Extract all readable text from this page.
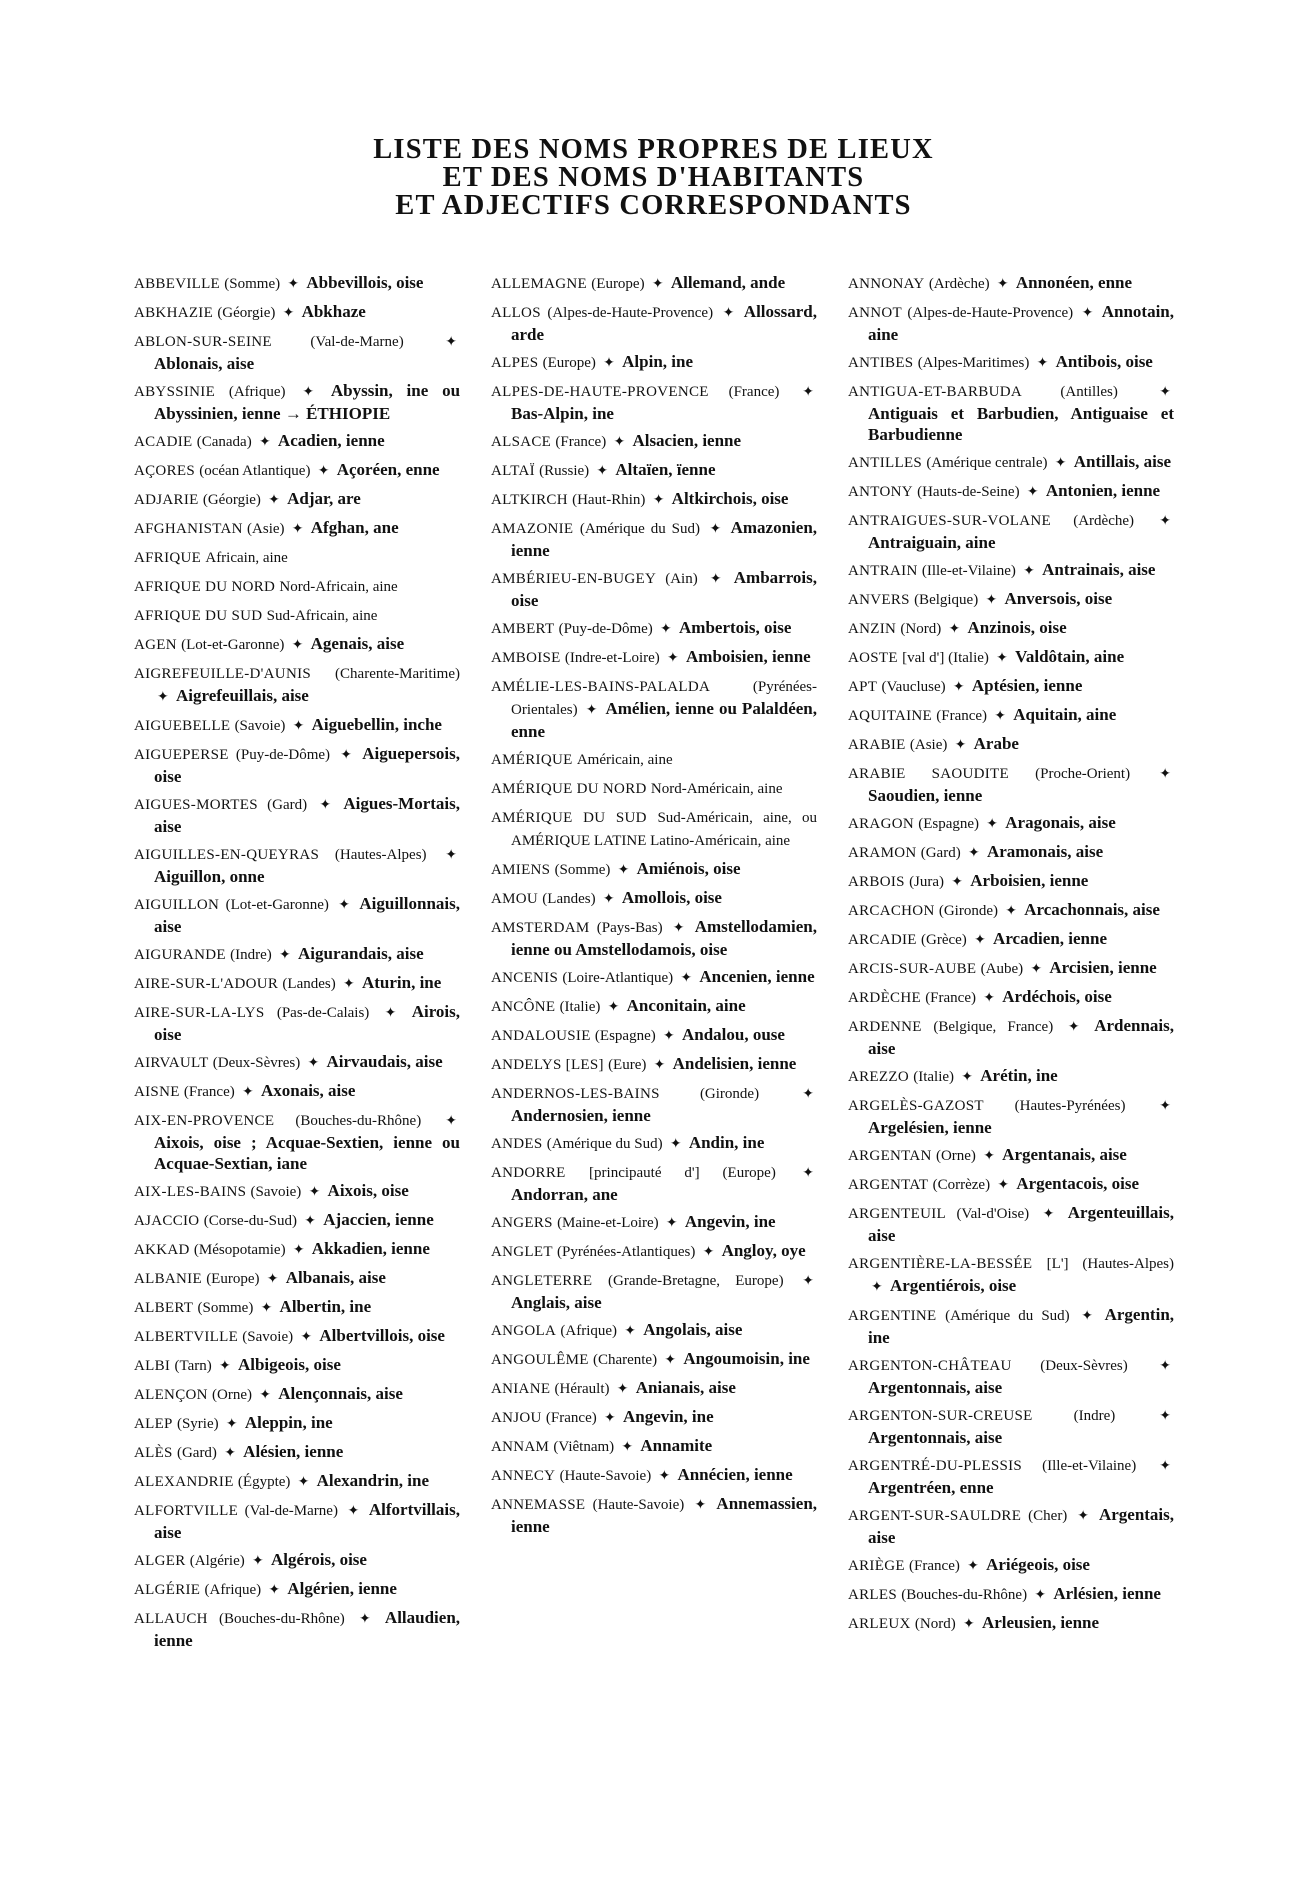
LISTE DES NOMS PROPRES DE LIEUX
ET DES NOMS D'HABITANTS
ET ADJECTIFS CORRESPONDANTS
ABBEVILLE (Somme) ✦ Abbevillois, oise
ABKHAZIE (Géorgie) ✦ Abkhaze
ABLON-SUR-SEINE	(Val-de-Marne)	✦ Ablonais, aise
ABYSSINIE (Afrique) ✦ Abyssin, ine ou Abyssinien, ienne → ÉTHIOPIE
ACADIE (Canada) ✦ Acadien, ienne
AÇORES (océan Atlantique) ✦ Açoréen, enne
ADJARIE (Géorgie) ✦ Adjar, are
AFGHANISTAN (Asie) ✦ Afghan, ane
AFRIQUE Africain, aine
AFRIQUE DU NORD Nord-Africain, aine
AFRIQUE DU SUD Sud-Africain, aine
AGEN (Lot-et-Garonne) ✦ Agenais, aise
AIGREFEUILLE-D'AUNIS (Charente-Maritime) ✦ Aigrefeuillais, aise
AIGUEBELLE (Savoie) ✦ Aiguebellin, inche
AIGUEPERSE (Puy-de-Dôme) ✦ Aiguepersois, oise
AIGUES-MORTES (Gard) ✦ Aigues-Mortais, aise
AIGUILLES-EN-QUEYRAS (Hautes-Alpes) ✦ Aiguillon, onne
AIGUILLON (Lot-et-Garonne) ✦ Aiguillonnais, aise
AIGURANDE (Indre) ✦ Aigurandais, aise
AIRE-SUR-L'ADOUR (Landes) ✦ Aturin, ine
AIRE-SUR-LA-LYS (Pas-de-Calais) ✦ Airois, oise
AIRVAULT (Deux-Sèvres) ✦ Airvaudais, aise
AISNE (France) ✦ Axonais, aise
AIX-EN-PROVENCE (Bouches-du-Rhône) ✦ Aixois, oise ; Acquae-Sextien, ienne ou Acquae-Sextian, iane
AIX-LES-BAINS (Savoie) ✦ Aixois, oise
AJACCIO (Corse-du-Sud) ✦ Ajaccien, ienne
AKKAD (Mésopotamie) ✦ Akkadien, ienne
ALBANIE (Europe) ✦ Albanais, aise
ALBERT (Somme) ✦ Albertin, ine
ALBERTVILLE (Savoie) ✦ Albertvillois, oise
ALBI (Tarn) ✦ Albigeois, oise
ALENÇON (Orne) ✦ Alençonnais, aise
ALEP (Syrie) ✦ Aleppin, ine
ALÈS (Gard) ✦ Alésien, ienne
ALEXANDRIE (Égypte) ✦ Alexandrin, ine
ALFORTVILLE (Val-de-Marne) ✦ Alfortvillais, aise
ALGER (Algérie) ✦ Algérois, oise
ALGÉRIE (Afrique) ✦ Algérien, ienne
ALLAUCH (Bouches-du-Rhône) ✦ Allaudien, ienne
ALLEMAGNE (Europe) ✦ Allemand, ande
ALLOS (Alpes-de-Haute-Provence) ✦ Allossard, arde
ALPES (Europe) ✦ Alpin, ine
ALPES-DE-HAUTE-PROVENCE (France) ✦ Bas-Alpin, ine
ALSACE (France) ✦ Alsacien, ienne
ALTAÏ (Russie) ✦ Altaïen, ïenne
ALTKIRCH (Haut-Rhin) ✦ Altkirchois, oise
AMAZONIE (Amérique du Sud) ✦ Amazonien, ienne
AMBÉRIEU-EN-BUGEY (Ain) ✦ Ambarrois, oise
AMBERT (Puy-de-Dôme) ✦ Ambertois, oise
AMBOISE (Indre-et-Loire) ✦ Amboisien, ienne
AMÉLIE-LES-BAINS-PALALDA	(Pyrénées-Orientales) ✦ Amélien, ienne ou Palaldéen, enne
AMÉRIQUE Américain, aine
AMÉRIQUE DU NORD Nord-Américain, aine
AMÉRIQUE DU SUD Sud-Américain, aine, ou AMÉRIQUE LATINE Latino-Américain, aine
AMIENS (Somme) ✦ Amiénois, oise
AMOU (Landes) ✦ Amollois, oise
AMSTERDAM (Pays-Bas) ✦ Amstellodamien, ienne ou Amstellodamois, oise
ANCENIS (Loire-Atlantique) ✦ Ancenien, ienne
ANCÔNE (Italie) ✦ Anconitain, aine
ANDALOUSIE (Espagne) ✦ Andalou, ouse
ANDELYS [LES] (Eure) ✦ Andelisien, ienne
ANDERNOS-LES-BAINS	(Gironde)	✦ Andernosien, ienne
ANDES (Amérique du Sud) ✦ Andin, ine
ANDORRE [principauté d'] (Europe) ✦ Andorran, ane
ANGERS (Maine-et-Loire) ✦ Angevin, ine
ANGLET (Pyrénées-Atlantiques) ✦ Angloy, oye
ANGLETERRE (Grande-Bretagne, Europe) ✦ Anglais, aise
ANGOLA (Afrique) ✦ Angolais, aise
ANGOULÊME (Charente) ✦ Angoumoisin, ine
ANIANE (Hérault) ✦ Anianais, aise
ANJOU (France) ✦ Angevin, ine
ANNAM (Viêtnam) ✦ Annamite
ANNECY (Haute-Savoie) ✦ Annécien, ienne
ANNEMASSE (Haute-Savoie) ✦ Annemassien, ienne
ANNONAY (Ardèche) ✦ Annonéen, enne
ANNOT (Alpes-de-Haute-Provence) ✦ Annotain, aine
ANTIBES (Alpes-Maritimes) ✦ Antibois, oise
ANTIGUA-ET-BARBUDA	(Antilles)	✦ Antiguais et Barbudien, Antiguaise et Barbudienne
ANTILLES (Amérique centrale) ✦ Antillais, aise
ANTONY (Hauts-de-Seine) ✦ Antonien, ienne
ANTRAIGUES-SUR-VOLANE (Ardèche) ✦ Antraiguain, aine
ANTRAIN (Ille-et-Vilaine) ✦ Antrainais, aise
ANVERS (Belgique) ✦ Anversois, oise
ANZIN (Nord) ✦ Anzinois, oise
AOSTE [val d'] (Italie) ✦ Valdôtain, aine
APT (Vaucluse) ✦ Aptésien, ienne
AQUITAINE (France) ✦ Aquitain, aine
ARABIE (Asie) ✦ Arabe
ARABIE SAOUDITE (Proche-Orient) ✦ Saoudien, ienne
ARAGON (Espagne) ✦ Aragonais, aise
ARAMON (Gard) ✦ Aramonais, aise
ARBOIS (Jura) ✦ Arboisien, ienne
ARCACHON (Gironde) ✦ Arcachonnais, aise
ARCADIE (Grèce) ✦ Arcadien, ienne
ARCIS-SUR-AUBE (Aube) ✦ Arcisien, ienne
ARDÈCHE (France) ✦ Ardéchois, oise
ARDENNE (Belgique, France) ✦ Ardennais, aise
AREZZO (Italie) ✦ Arétin, ine
ARGELÈS-GAZOST (Hautes-Pyrénées) ✦ Argelésien, ienne
ARGENTAN (Orne) ✦ Argentanais, aise
ARGENTAT (Corrèze) ✦ Argentacois, oise
ARGENTEUIL (Val-d'Oise) ✦ Argenteuillais, aise
ARGENTIÈRE-LA-BESSÉE [L'] (Hautes-Alpes) ✦ Argentiérois, oise
ARGENTINE (Amérique du Sud) ✦ Argentin, ine
ARGENTON-CHÂTEAU (Deux-Sèvres) ✦ Argentonnais, aise
ARGENTON-SUR-CREUSE	(Indre)	✦ Argentonnais, aise
ARGENTRÉ-DU-PLESSIS (Ille-et-Vilaine) ✦ Argentréen, enne
ARGENT-SUR-SAULDRE (Cher) ✦ Argentais, aise
ARIÈGE (France) ✦ Ariégeois, oise
ARLES (Bouches-du-Rhône) ✦ Arlésien, ienne
ARLEUX (Nord) ✦ Arleusien, ienne
